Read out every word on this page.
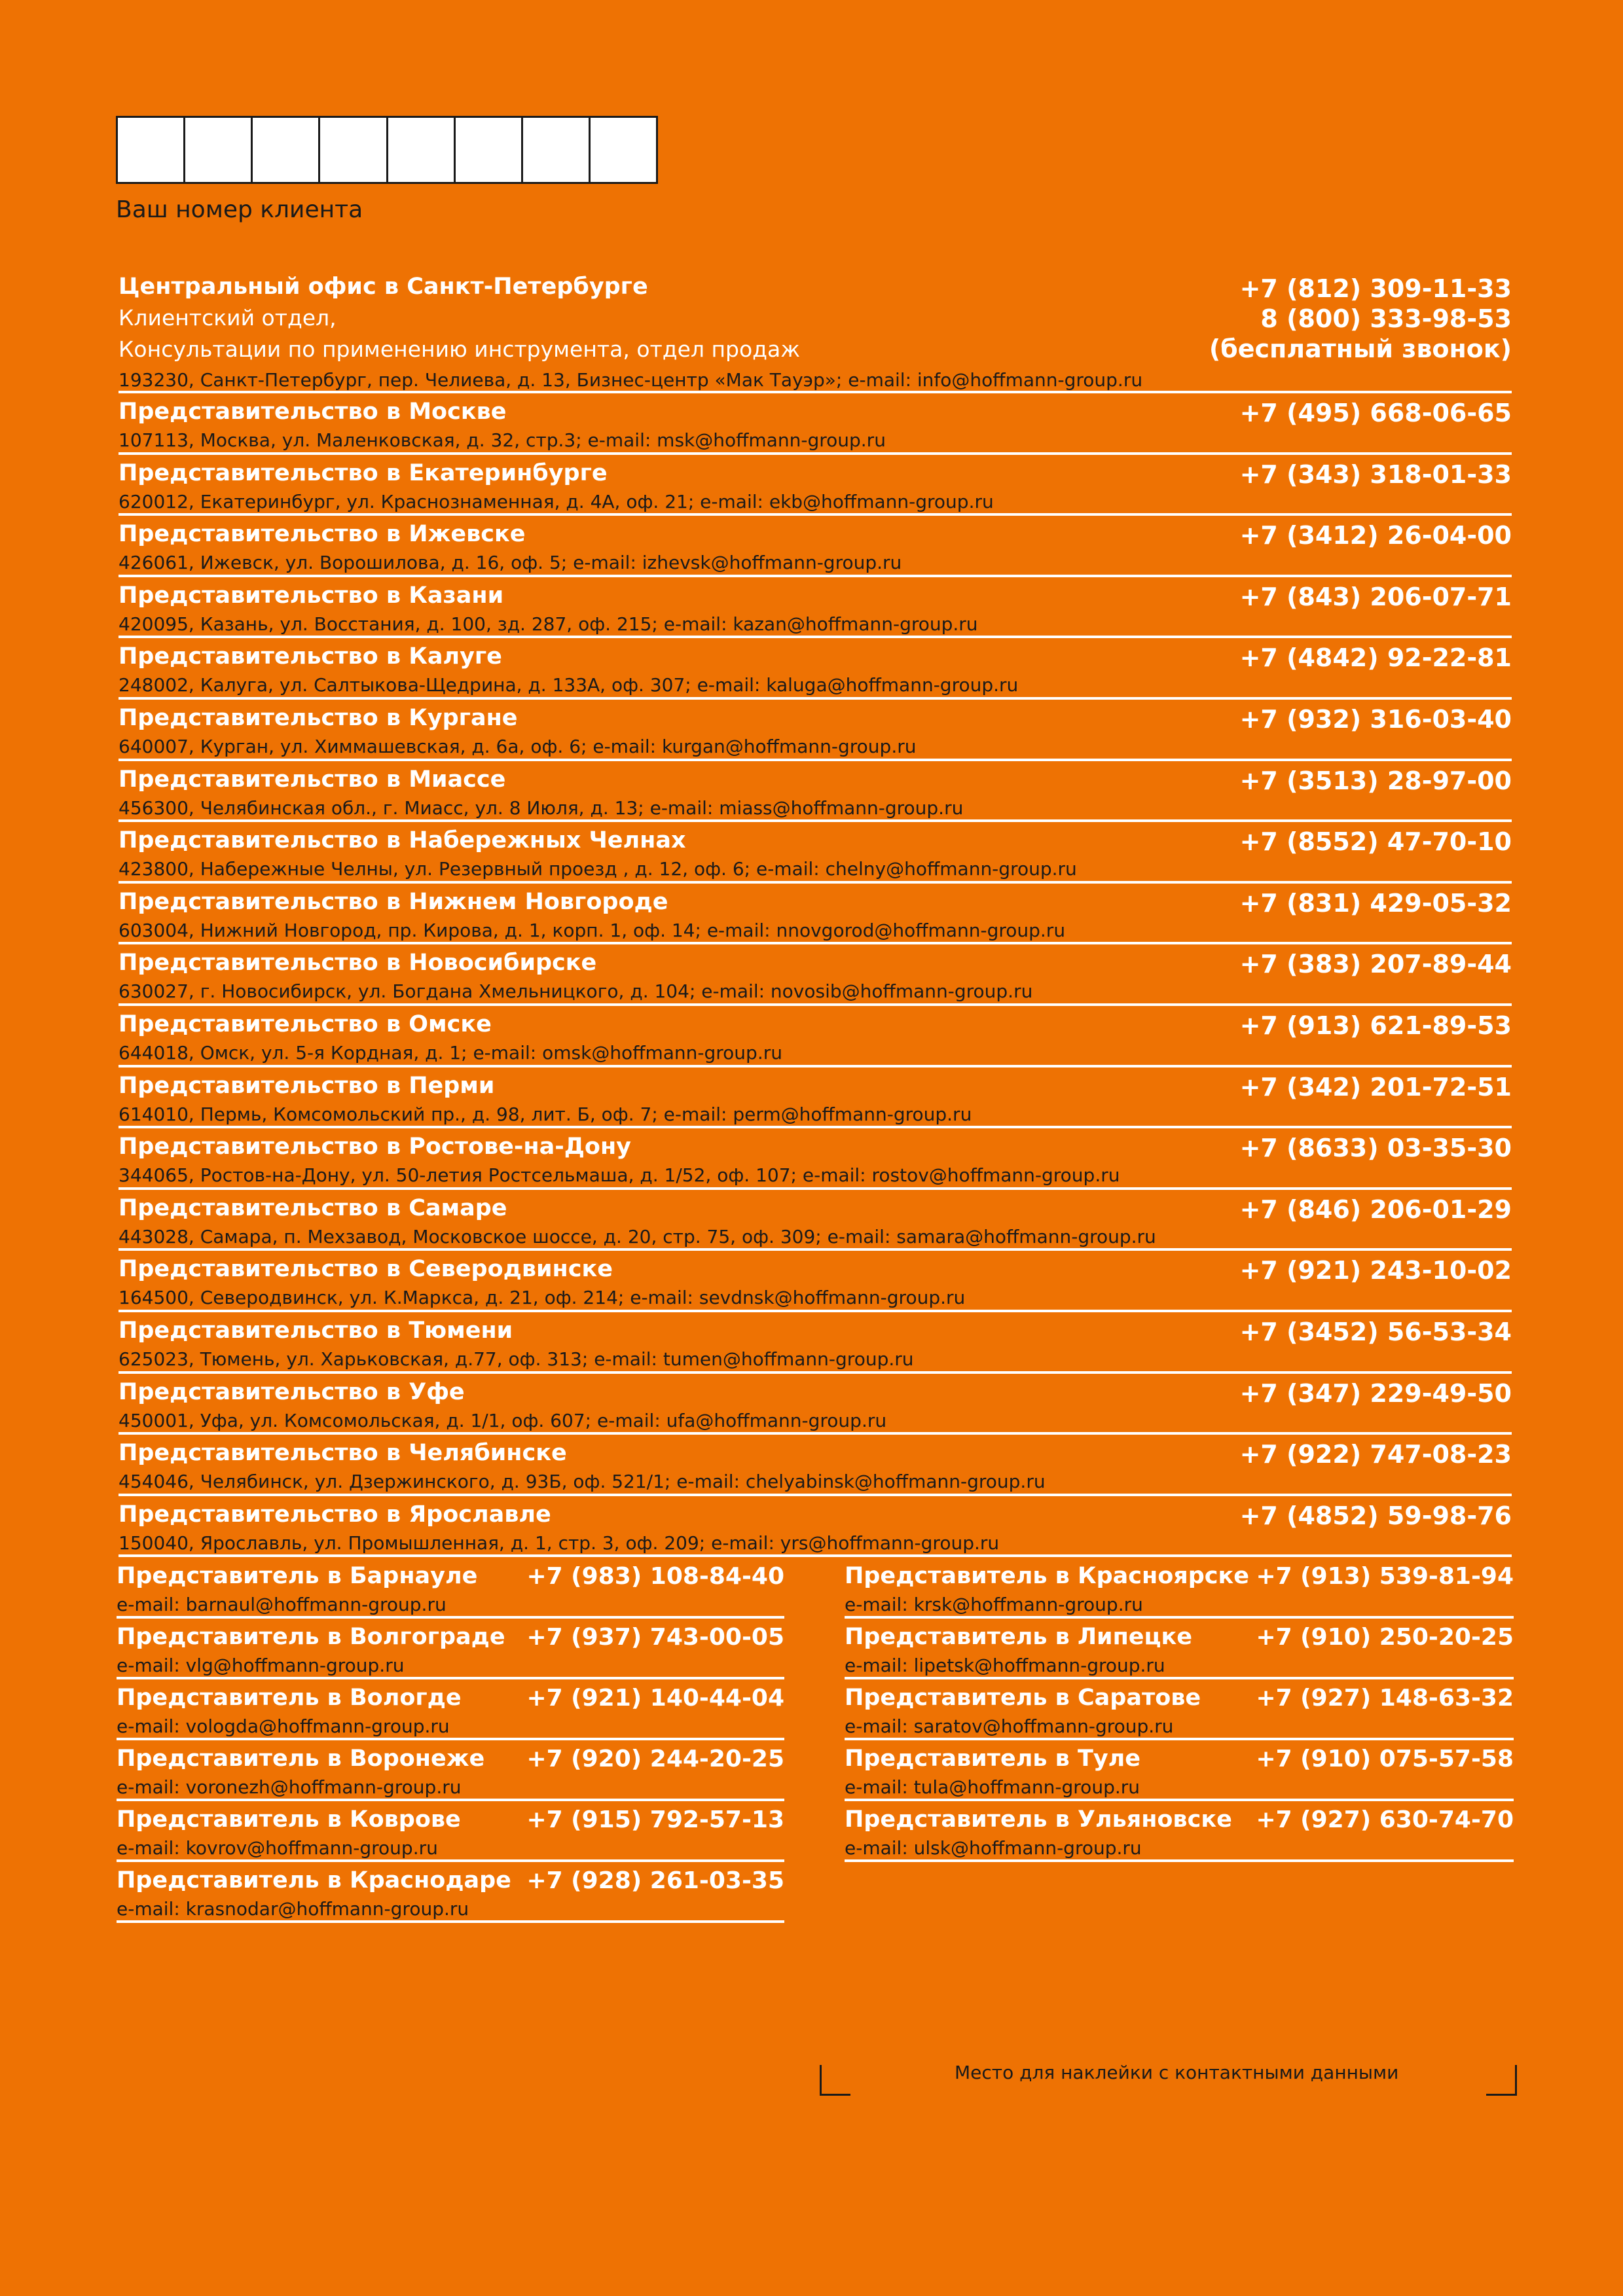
Ваш номер клиента
Центральный офис в Санкт-Петербурге
Клиентский отдел,
Консультации по применению инструмента, отдел продаж
+7 (812) 309-11-33
8 (800) 333-98-53
(бесплатный звонок)
193230, Санкт-Петербург, пер. Челиева, д. 13, Бизнес-центр «Мак Тауэр»; e-mail: info@hoffmann-group.ru
Представительство в Москве	+7 (495) 668-06-65
107113, Москва, ул. Маленковская, д. 32, стр.3; e-mail: msk@hoffmann-group.ru
Представительство в Екатеринбурге	+7 (343) 318-01-33
620012, Екатеринбург, ул. Краснознаменная, д. 4А, оф. 21; e-mail: ekb@hoffmann-group.ru
Представительство в Ижевске	+7 (3412) 26-04-00
426061, Ижевск, ул. Ворошилова, д. 16, оф. 5; e-mail: izhevsk@hoffmann-group.ru
Представительство в Казани	+7 (843) 206-07-71
420095, Казань, ул. Восстания, д. 100, зд. 287, оф. 215; e-mail: kazan@hoffmann-group.ru
Представительство в Калуге	+7 (4842) 92-22-81
248002, Калуга, ул. Салтыкова-Щедрина, д. 133А, оф. 307; e-mail: kaluga@hoffmann-group.ru
Представительство в Кургане	+7 (932) 316-03-40
640007, Курган, ул. Химмашевская, д. 6а, оф. 6; e-mail: kurgan@hoffmann-group.ru
Представительство в Миассе	+7 (3513) 28-97-00
456300, Челябинская обл., г. Миасс, ул. 8 Июля, д. 13; e-mail: miass@hoffmann-group.ru
Представительство в Набережных Челнах	+7 (8552) 47-70-10
423800, Набережные Челны, ул. Резервный проезд , д. 12, оф. 6; e-mail: chelny@hoffmann-group.ru
Представительство в Нижнем Новгороде	+7 (831) 429-05-32
603004, Нижний Новгород, пр. Кирова, д. 1, корп. 1, оф. 14; e-mail: nnovgorod@hoffmann-group.ru
Представительство в Новосибирске	+7 (383) 207-89-44
630027, г. Новосибирск, ул. Богдана Хмельницкого, д. 104; e-mail: novosib@hoffmann-group.ru
Представительство в Омске	+7 (913) 621-89-53
644018, Омск, ул. 5-я Кордная, д. 1; e-mail: omsk@hoffmann-group.ru
Представительство в Перми	+7 (342) 201-72-51
614010, Пермь, Комсомольский пр., д. 98, лит. Б, оф. 7; e-mail: perm@hoffmann-group.ru
Представительство в Ростове-на-Дону	+7 (8633) 03-35-30
344065, Ростов-на-Дону, ул. 50-летия Ростсельмаша, д. 1/52, оф. 107; e-mail: rostov@hoffmann-group.ru
Представительство в Самаре	+7 (846) 206-01-29
443028, Самара, п. Мехзавод, Московское шоссе, д. 20, стр. 75, оф. 309; e-mail: samara@hoffmann-group.ru
Представительство в Северодвинске	+7 (921) 243-10-02
164500, Северодвинск, ул. К.Маркса, д. 21, оф. 214; e-mail: sevdnsk@hoffmann-group.ru
Представительство в Тюмени	+7 (3452) 56-53-34
625023, Тюмень, ул. Харьковская, д.77, оф. 313; e-mail: tumen@hoffmann-group.ru
Представительство в Уфе	+7 (347) 229-49-50
450001, Уфа, ул. Комсомольская, д. 1/1, оф. 607; e-mail: ufa@hoffmann-group.ru
Представительство в Челябинске	+7 (922) 747-08-23
454046, Челябинск, ул. Дзержинского, д. 93Б, оф. 521/1; e-mail: chelyabinsk@hoffmann-group.ru
Представительство в Ярославле	+7 (4852) 59-98-76
150040, Ярославль, ул. Промышленная, д. 1, стр. 3, оф. 209; e-mail: yrs@hoffmann-group.ru
Представитель в Барнауле +7 (983) 108-84-40
e-mail: barnaul@hoffmann-group.ru
Представитель в Волгограде +7 (937) 743-00-05
e-mail: vlg@hoffmann-group.ru
Представитель в Вологде	+7 (921) 140-44-04
e-mail: vologda@hoffmann-group.ru
Представитель в Воронеже +7 (920) 244-20-25
e-mail: voronezh@hoffmann-group.ru
Представитель в Коврове	+7 (915) 792-57-13
e-mail: kovrov@hoffmann-group.ru
Представитель в Краснодаре +7 (928) 261-03-35
e-mail: krasnodar@hoffmann-group.ru
Представитель в Красноярске +7 (913) 539-81-94
e-mail: krsk@hoffmann-group.ru
Представитель в Липецке	+7 (910) 250-20-25
e-mail: lipetsk@hoffmann-group.ru
Представитель в Саратове +7 (927) 148-63-32
e-mail: saratov@hoffmann-group.ru
Представитель в Туле	+7 (910) 075-57-58
e-mail: tula@hoffmann-group.ru
Представитель в Ульяновске +7 (927) 630-74-70
e-mail: ulsk@hoffmann-group.ru
Место для наклейки с контактными данными
